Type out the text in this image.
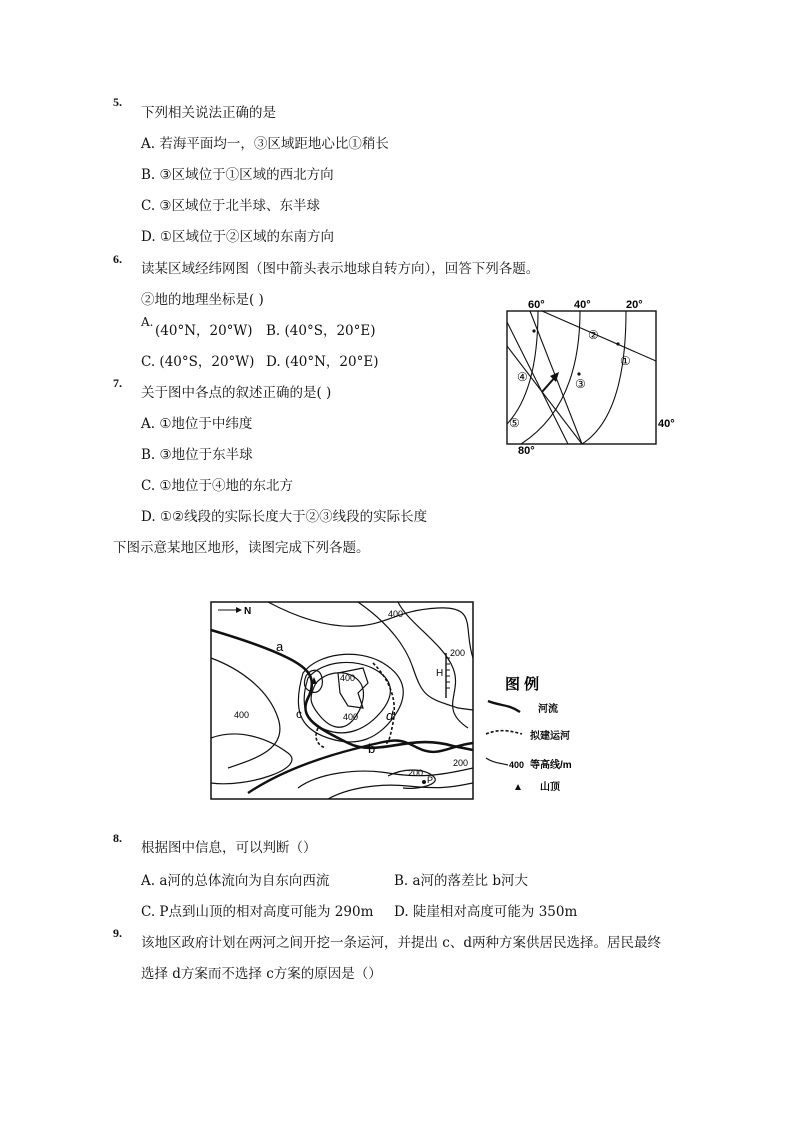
5.
下列相关说法正确的是
A. 若海平面均一，③区域距地心比①稍长
B. ③区域位于①区域的西北方向
C. ③区域位于北半球、东半球
D. ①区域位于②区域的东南方向
6.
读某区域经纬网图（图中箭头表示地球自转方向），回答下列各题。
②地的地理坐标是( )
A.
(40°N，20°W) B. (40°S，20°E)
C. (40°S，20°W) D. (40°N，20°E)
7.
关于图中各点的叙述正确的是( )
A. ①地位于中纬度
B. ③地位于东半球
C. ①地位于④地的东北方
D. ①②线段的实际长度大于②③线段的实际长度
60°	40°	20°
40°
80°
②
①
④	③
⑤
下图示意某地区地形，读图完成下列各题。
N
a
b
c	d
H
P
400
400
400	400
200
200
200
图 例
河流
拟建运河
400 等高线/m
山顶
8.
根据图中信息，可以判断（）
A. a河的总体流向为自东向西流	B. a河的落差比 b河大
C. P点到山顶的相对高度可能为 290m D. 陡崖相对高度可能为 350m
9.
该地区政府计划在两河之间开挖一条运河，并提出 c、d两种方案供居民选择。居民最终
选择 d方案而不选择 c方案的原因是（）
